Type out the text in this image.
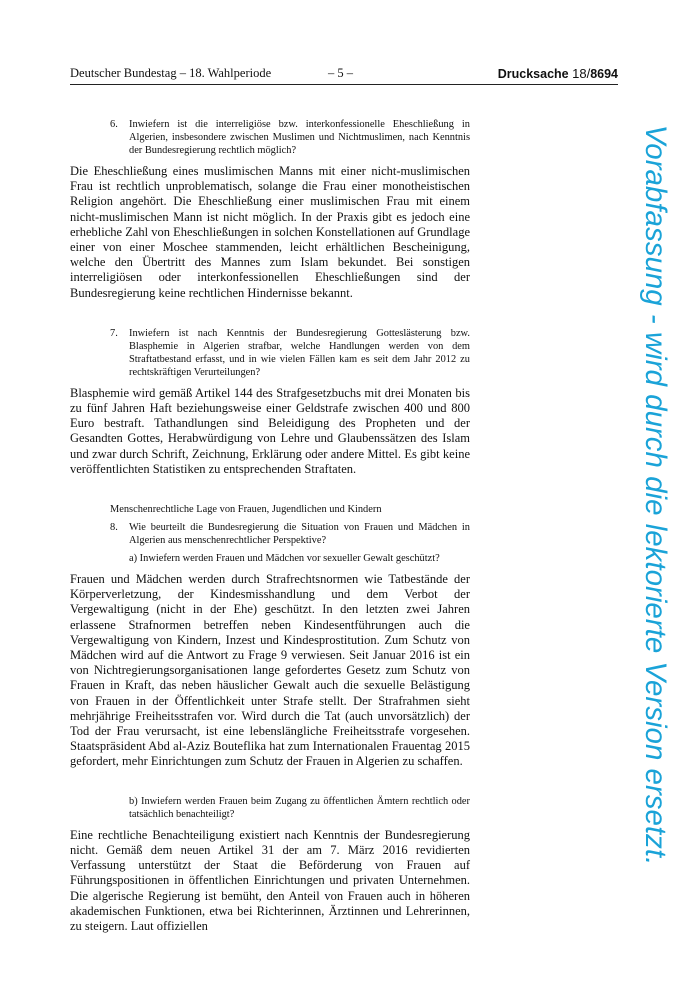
Deutscher Bundestag – 18. Wahlperiode	– 5 –	Drucksache 18/8694
6. Inwiefern ist die interreligiöse bzw. interkonfessionelle Eheschließung in Algerien, insbesondere zwischen Muslimen und Nichtmuslimen, nach Kenntnis der Bundesregierung rechtlich möglich?

Die Eheschließung eines muslimischen Manns mit einer nicht-muslimischen Frau ist rechtlich unproblematisch, solange die Frau einer monotheistischen Religion angehört. Die Eheschließung einer muslimischen Frau mit einem nicht-muslimischen Mann ist nicht möglich. In der Praxis gibt es jedoch eine erhebliche Zahl von Eheschließungen in solchen Konstellationen auf Grundlage einer von einer Moschee stammenden, leicht erhältlichen Bescheinigung, welche den Übertritt des Mannes zum Islam bekundet. Bei sonstigen interreligiösen oder interkonfessionellen Eheschließungen sind der Bundesregierung keine rechtlichen Hindernisse bekannt.

7. Inwiefern ist nach Kenntnis der Bundesregierung Gotteslästerung bzw. Blasphemie in Algerien strafbar, welche Handlungen werden von dem Straftatbestand erfasst, und in wie vielen Fällen kam es seit dem Jahr 2012 zu rechtskräftigen Verurteilungen?

Blasphemie wird gemäß Artikel 144 des Strafgesetzbuchs mit drei Monaten bis zu fünf Jahren Haft beziehungsweise einer Geldstrafe zwischen 400 und 800 Euro bestraft. Tathandlungen sind Beleidigung des Propheten und der Gesandten Gottes, Herabwürdigung von Lehre und Glaubenssätzen des Islam und zwar durch Schrift, Zeichnung, Erklärung oder andere Mittel. Es gibt keine veröffentlichten Statistiken zu entsprechenden Straftaten.

Menschenrechtliche Lage von Frauen, Jugendlichen und Kindern
8. Wie beurteilt die Bundesregierung die Situation von Frauen und Mädchen in Algerien aus menschenrechtlicher Perspektive?
a) Inwiefern werden Frauen und Mädchen vor sexueller Gewalt geschützt?

Frauen und Mädchen werden durch Strafrechtsnormen wie Tatbestände der Körperverletzung, der Kindesmisshandlung und dem Verbot der Vergewaltigung (nicht in der Ehe) geschützt. In den letzten zwei Jahren erlassene Strafnormen betreffen neben Kindesentführungen auch die Vergewaltigung von Kindern, Inzest und Kindesprostitution. Zum Schutz von Mädchen wird auf die Antwort zu Frage 9 verwiesen. Seit Januar 2016 ist ein von Nichtregierungsorganisationen lange gefordertes Gesetz zum Schutz von Frauen in Kraft, das neben häuslicher Gewalt auch die sexuelle Belästigung von Frauen in der Öffentlichkeit unter Strafe stellt. Der Strafrahmen sieht mehrjährige Freiheitsstrafen vor. Wird durch die Tat (auch unvorsätzlich) der Tod der Frau verursacht, ist eine lebenslängliche Freiheitsstrafe vorgesehen. Staatspräsident Abd al-Aziz Bouteflika hat zum Internationalen Frauentag 2015 gefordert, mehr Einrichtungen zum Schutz der Frauen in Algerien zu schaffen.

b) Inwiefern werden Frauen beim Zugang zu öffentlichen Ämtern rechtlich oder tatsächlich benachteiligt?

Eine rechtliche Benachteiligung existiert nach Kenntnis der Bundesregierung nicht. Gemäß dem neuen Artikel 31 der am 7. März 2016 revidierten Verfassung unterstützt der Staat die Beförderung von Frauen auf Führungspositionen in öffentlichen Einrichtungen und privaten Unternehmen. Die algerische Regierung ist bemüht, den Anteil von Frauen auch in höheren akademischen Funktionen, etwa bei Richterinnen, Ärztinnen und Lehrerinnen, zu steigern. Laut offiziellen

Vorabfassung - wird durch die lektorierte Version ersetzt.
